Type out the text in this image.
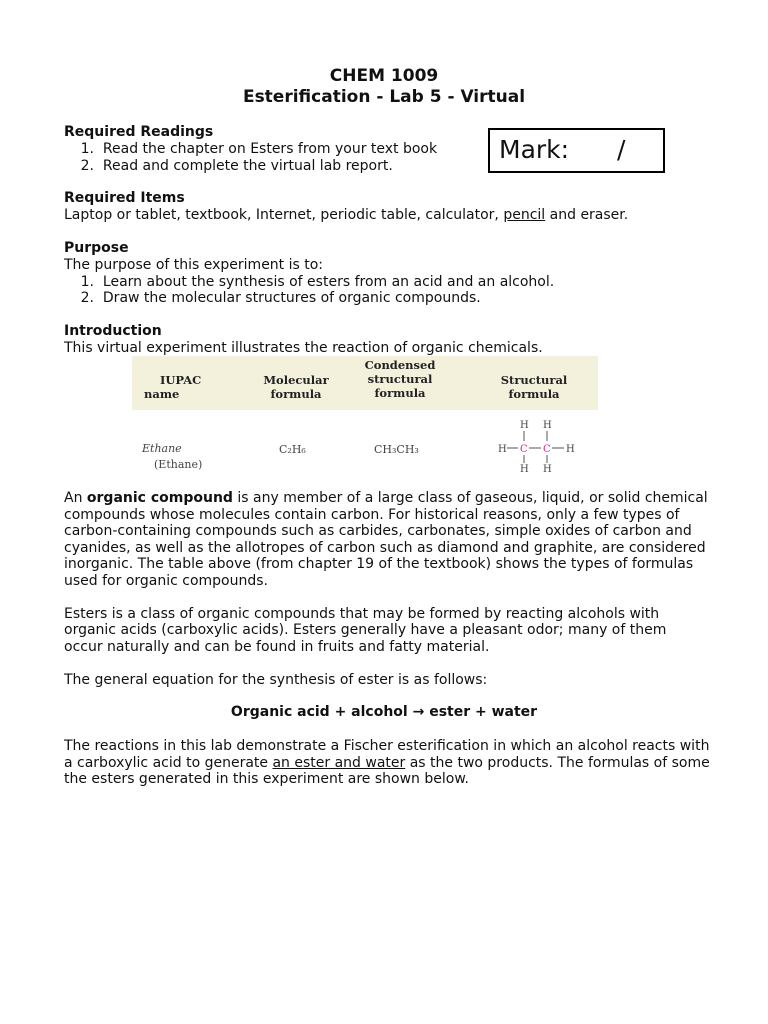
CHEM 1009
Esterification - Lab 5 - Virtual
Mark: /
Required Readings
1. Read the chapter on Esters from your text book
2. Read and complete the virtual lab report.
Required Items
Laptop or tablet, textbook, Internet, periodic table, calculator, pencil and eraser.
Purpose
The purpose of this experiment is to:
1. Learn about the synthesis of esters from an acid and an alcohol.
2. Draw the molecular structures of organic compounds.
Introduction
This virtual experiment illustrates the reaction of organic chemicals.
IUPAC
name
Molecular
formula
Condensed
structural
formula
Structural
formula
Ethane
(Ethane)
C₂H₆	CH₃CH₃
H H
H	H
H H
C C
An organic compound is any member of a large class of gaseous, liquid, or solid chemical
compounds whose molecules contain carbon. For historical reasons, only a few types of
carbon-containing compounds such as carbides, carbonates, simple oxides of carbon and
cyanides, as well as the allotropes of carbon such as diamond and graphite, are considered
inorganic. The table above (from chapter 19 of the textbook) shows the types of formulas
used for organic compounds.
Esters is a class of organic compounds that may be formed by reacting alcohols with
organic acids (carboxylic acids). Esters generally have a pleasant odor; many of them
occur naturally and can be found in fruits and fatty material.
The general equation for the synthesis of ester is as follows:
Organic acid + alcohol → ester + water
The reactions in this lab demonstrate a Fischer esterification in which an alcohol reacts with
a carboxylic acid to generate an ester and water as the two products. The formulas of some
the esters generated in this experiment are shown below.
